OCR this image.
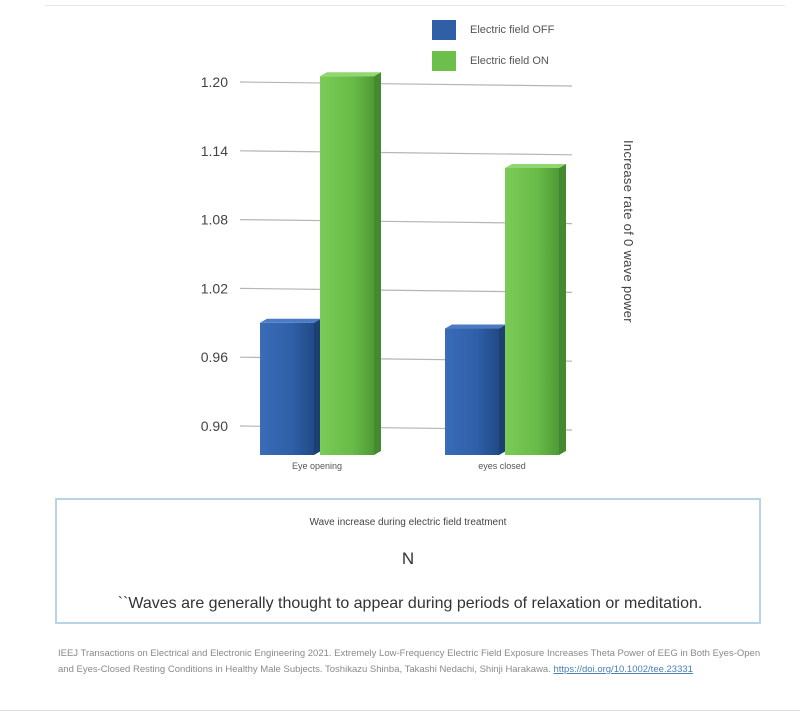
1.20
1.14
1.08
1.02
0.96
0.90
Eye opening	eyes closed
Electric field OFF
Electric field ON
Increase rate of 0 wave power
Wave increase during electric field treatment
N
``Waves are generally thought to appear during periods of relaxation or meditation.
IEEJ Transactions on Electrical and Electronic Engineering 2021. Extremely Low-Frequency Electric Field Exposure Increases Theta Power of EEG in Both Eyes-Open and Eyes-Closed Resting Conditions in Healthy Male Subjects. Toshikazu Shinba, Takashi Nedachi, Shinji Harakawa. https://doi.org/10.1002/tee.23331
